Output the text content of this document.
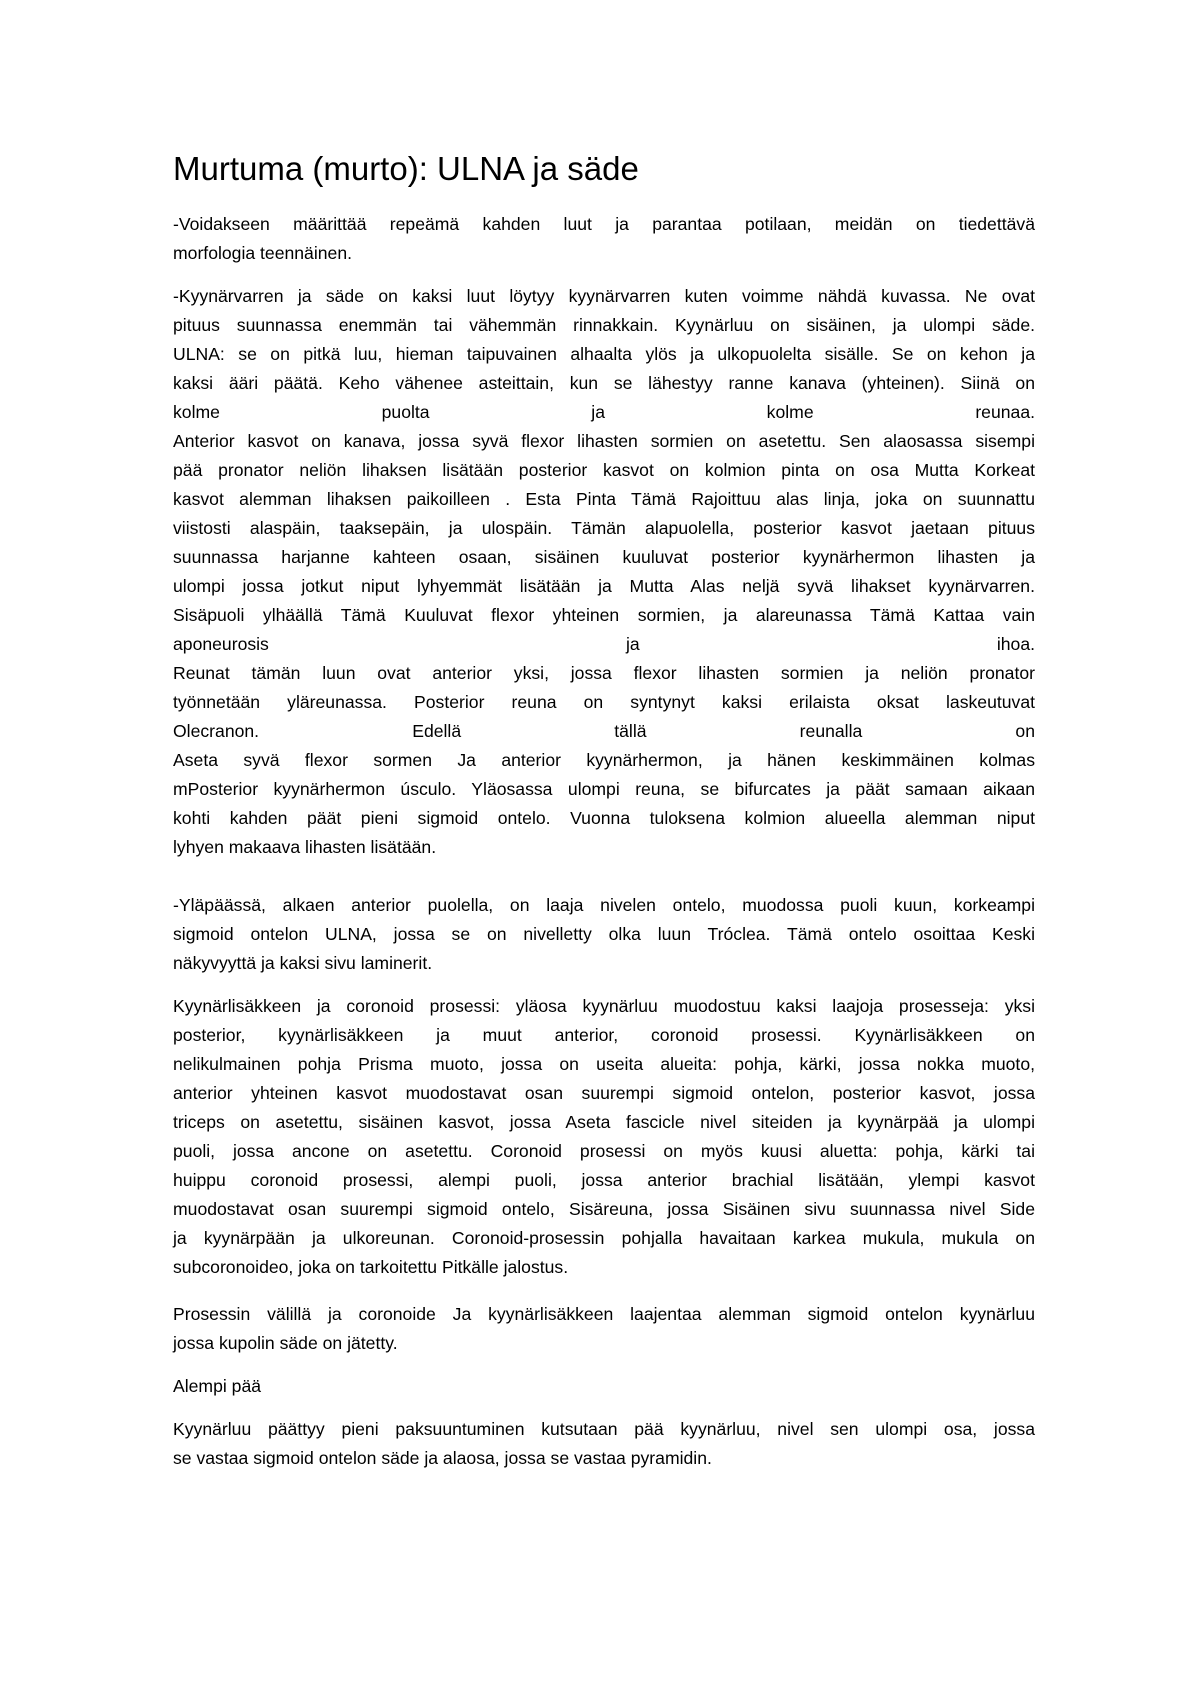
Murtuma (murto): ULNA ja säde
-Voidakseen määrittää repeämä kahden luut ja parantaa potilaan, meidän on tiedettävä
morfologia teennäinen.
-Kyynärvarren ja säde on kaksi luut löytyy kyynärvarren kuten voimme nähdä kuvassa. Ne ovat
pituus suunnassa enemmän tai vähemmän rinnakkain. Kyynärluu on sisäinen, ja ulompi säde.
ULNA: se on pitkä luu, hieman taipuvainen alhaalta ylös ja ulkopuolelta sisälle. Se on kehon ja
kaksi ääri päätä. Keho vähenee asteittain, kun se lähestyy ranne kanava (yhteinen). Siinä on
kolme puolta ja kolme reunaa.
Anterior kasvot on kanava, jossa syvä flexor lihasten sormien on asetettu. Sen alaosassa sisempi
pää pronator neliön lihaksen lisätään posterior kasvot on kolmion pinta on osa Mutta Korkeat
kasvot alemman lihaksen paikoilleen . Esta Pinta Tämä Rajoittuu alas linja, joka on suunnattu
viistosti alaspäin, taaksepäin, ja ulospäin. Tämän alapuolella, posterior kasvot jaetaan pituus
suunnassa harjanne kahteen osaan, sisäinen kuuluvat posterior kyynärhermon lihasten ja
ulompi jossa jotkut niput lyhyemmät lisätään ja Mutta Alas neljä syvä lihakset kyynärvarren.
Sisäpuoli ylhäällä Tämä Kuuluvat flexor yhteinen sormien, ja alareunassa Tämä Kattaa vain
aponeurosis ja ihoa.
Reunat tämän luun ovat anterior yksi, jossa flexor lihasten sormien ja neliön pronator
työnnetään yläreunassa. Posterior reuna on syntynyt kaksi erilaista oksat laskeutuvat
Olecranon. Edellä tällä reunalla on
Aseta syvä flexor sormen Ja anterior kyynärhermon, ja hänen keskimmäinen kolmas
mPosterior kyynärhermon úsculo. Yläosassa ulompi reuna, se bifurcates ja päät samaan aikaan
kohti kahden päät pieni sigmoid ontelo. Vuonna tuloksena kolmion alueella alemman niput
lyhyen makaava lihasten lisätään.
-Yläpäässä, alkaen anterior puolella, on laaja nivelen ontelo, muodossa puoli kuun, korkeampi
sigmoid ontelon ULNA, jossa se on nivelletty olka luun Tróclea. Tämä ontelo osoittaa Keski
näkyvyyttä ja kaksi sivu laminerit.
Kyynärlisäkkeen ja coronoid prosessi: yläosa kyynärluu muodostuu kaksi laajoja prosesseja: yksi
posterior, kyynärlisäkkeen ja muut anterior, coronoid prosessi. Kyynärlisäkkeen on
nelikulmainen pohja Prisma muoto, jossa on useita alueita: pohja, kärki, jossa nokka muoto,
anterior yhteinen kasvot muodostavat osan suurempi sigmoid ontelon, posterior kasvot, jossa
triceps on asetettu, sisäinen kasvot, jossa Aseta fascicle nivel siteiden ja kyynärpää ja ulompi
puoli, jossa ancone on asetettu. Coronoid prosessi on myös kuusi aluetta: pohja, kärki tai
huippu coronoid prosessi, alempi puoli, jossa anterior brachial lisätään, ylempi kasvot
muodostavat osan suurempi sigmoid ontelo, Sisäreuna, jossa Sisäinen sivu suunnassa nivel Side
ja kyynärpään ja ulkoreunan. Coronoid-prosessin pohjalla havaitaan karkea mukula, mukula on
subcoronoideo, joka on tarkoitettu Pitkälle jalostus.
Prosessin välillä ja coronoide Ja kyynärlisäkkeen laajentaa alemman sigmoid ontelon kyynärluu
jossa kupolin säde on jätetty.
Alempi pää
Kyynärluu päättyy pieni paksuuntuminen kutsutaan pää kyynärluu, nivel sen ulompi osa, jossa
se vastaa sigmoid ontelon säde ja alaosa, jossa se vastaa pyramidin.
